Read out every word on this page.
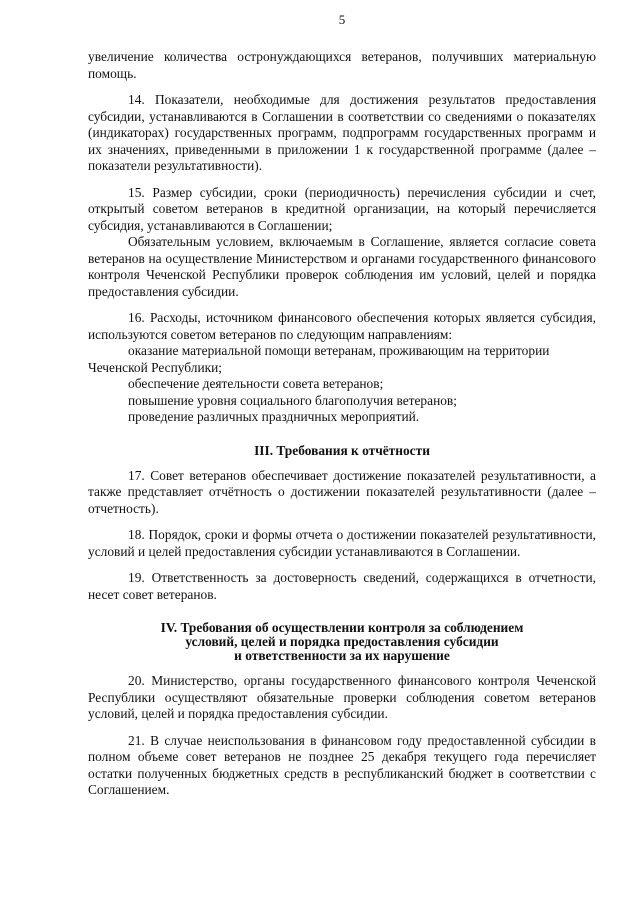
5

увеличение количества остронуждающихся ветеранов, получивших материальную помощь.

14. Показатели, необходимые для достижения результатов предоставления субсидии, устанавливаются в Соглашении в соответствии со сведениями о показателях (индикаторах) государственных программ, подпрограмм государственных программ и их значениях, приведенными в приложении 1 к государственной программе (далее – показатели результативности).

15. Размер субсидии, сроки (периодичность) перечисления субсидии и счет, открытый советом ветеранов в кредитной организации, на который перечисляется субсидия, устанавливаются в Соглашении;

Обязательным условием, включаемым в Соглашение, является согласие совета ветеранов на осуществление Министерством и органами государственного финансового контроля Чеченской Республики проверок соблюдения им условий, целей и порядка предоставления субсидии.

16. Расходы, источником финансового обеспечения которых является субсидия, используются советом ветеранов по следующим направлениям:

оказание материальной помощи ветеранам, проживающим на территории

Чеченской Республики;

обеспечение деятельности совета ветеранов;

повышение уровня социального благополучия ветеранов;

проведение различных праздничных мероприятий.

III. Требования к отчётности

17. Совет ветеранов обеспечивает достижение показателей результативности, а также представляет отчётность о достижении показателей результативности (далее – отчетность).

18. Порядок, сроки и формы отчета о достижении показателей результативности, условий и целей предоставления субсидии устанавливаются в Соглашении.

19. Ответственность за достоверность сведений, содержащихся в отчетности, несет совет ветеранов.

IV. Требования об осуществлении контроля за соблюдением

условий, целей и порядка предоставления субсидии

и ответственности за их нарушение

20. Министерство, органы государственного финансового контроля Чеченской Республики осуществляют обязательные проверки соблюдения советом ветеранов условий, целей и порядка предоставления субсидии.

21. В случае неиспользования в финансовом году предоставленной субсидии в полном объеме совет ветеранов не позднее 25 декабря текущего года перечисляет остатки полученных бюджетных средств в республиканский бюджет в соответствии с Соглашением.
